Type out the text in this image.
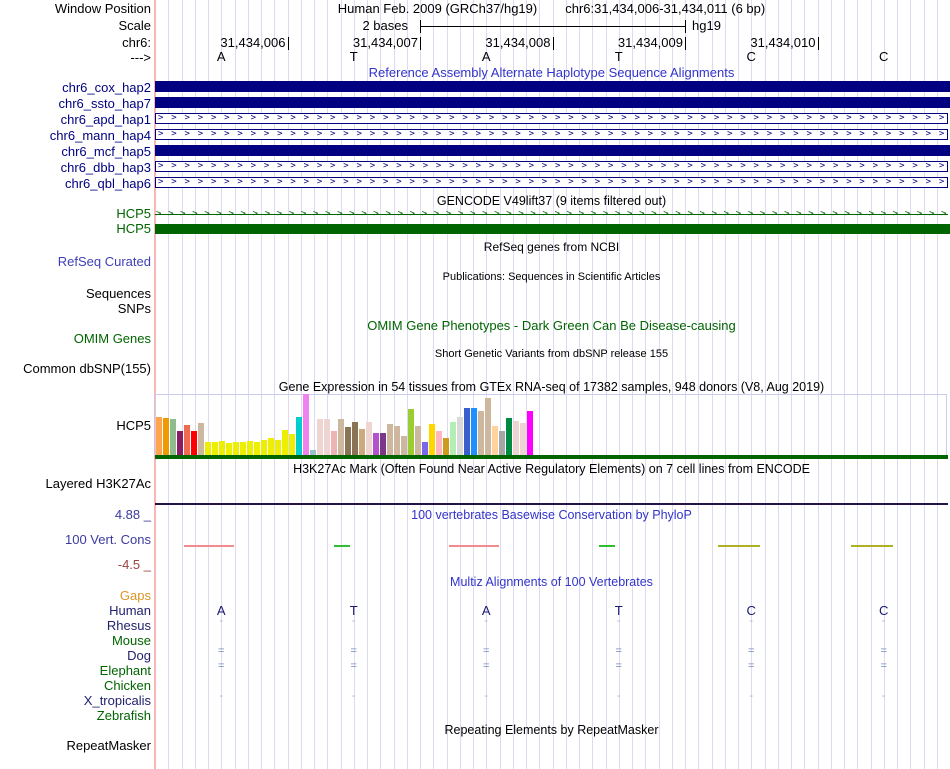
Human Feb. 2009 (GRCh37/hg19) chr6:31,434,006-31,434,011 (6 bp)
Window Position
Scale
chr6:
--->
HCP5
HCP5
RefSeq Curated
Sequences
SNPs
OMIM Genes
Common dbSNP(155)
HCP5
Layered H3K27Ac
4.88 _
100 Vert. Cons
-4.5 _
RepeatMasker
Reference Assembly Alternate Haplotype Sequence Alignments
GENCODE V49lift37 (9 items filtered out)
RefSeq genes from NCBI
Publications: Sequences in Scientific Articles
OMIM Gene Phenotypes - Dark Green Can Be Disease-causing
Short Genetic Variants from dbSNP release 155
Gene Expression in 54 tissues from GTEx RNA-seq of 17382 samples, 948 donors (V8, Aug 2019)
H3K27Ac Mark (Often Found Near Active Regulatory Elements) on 7 cell lines from ENCODE
100 vertebrates Basewise Conservation by PhyloP
Multiz Alignments of 100 Vertebrates
Repeating Elements by RepeatMasker
2 bases	hg19
31,434,006	31,434,007	31,434,008	31,434,009	31,434,010
A	T	A	T	C	C
chr6_cox_hap2
chr6_ssto_hap7
chr6_apd_hap1 > > > > > > > > > > > > > > > > > > > > > > > > > > > > > > > > > > > > > > > > > > > > > > > > > > > > > > > > > > > >
chr6_mann_hap4 > > > > > > > > > > > > > > > > > > > > > > > > > > > > > > > > > > > > > > > > > > > > > > > > > > > > > > > > > > > >
chr6_mcf_hap5
chr6_dbb_hap3 > > > > > > > > > > > > > > > > > > > > > > > > > > > > > > > > > > > > > > > > > > > > > > > > > > > > > > > > > > > >
chr6_qbl_hap6 > > > > > > > > > > > > > > > > > > > > > > > > > > > > > > > > > > > > > > > > > > > > > > > > > > > > > > > > > > > >
> > > > > > > > > > > > > > > > > > > > > > > > > > > > > > > > > > > > > > > > > > > > > > > > > > > > > > > > > > > > > > > > > >
Gaps
Human	A	T	A	T	C	C
Rhesus	-	-	-	-	-	-
Mouse
Dog	=	=	=	=	=	=
Elephant	=	=	=	=	=	=
Chicken
X_tropicalis	-	-	-	-	-	-
Zebrafish
